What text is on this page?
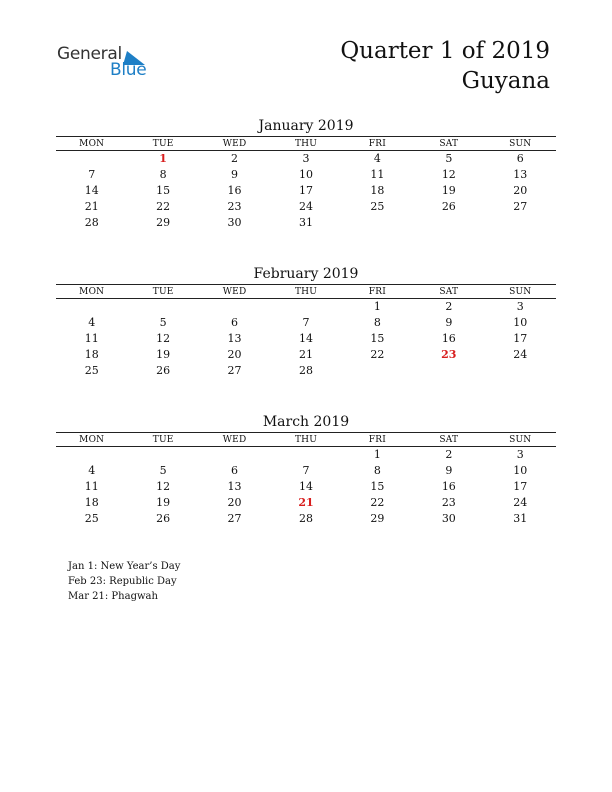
General
Blue
Quarter 1 of 2019
Guyana
January 2019
MON	TUE	WED	THU	FRI	SAT	SUN
	1	2	3	4	5	6
7	8	9	10	11	12	13
14	15	16	17	18	19	20
21	22	23	24	25	26	27
28	29	30	31			
February 2019
MON	TUE	WED	THU	FRI	SAT	SUN
				1	2	3
4	5	6	7	8	9	10
11	12	13	14	15	16	17
18	19	20	21	22	23	24
25	26	27	28			
March 2019
MON	TUE	WED	THU	FRI	SAT	SUN
				1	2	3
4	5	6	7	8	9	10
11	12	13	14	15	16	17
18	19	20	21	22	23	24
25	26	27	28	29	30	31
Jan 1: New Year’s Day
Feb 23: Republic Day
Mar 21: Phagwah
